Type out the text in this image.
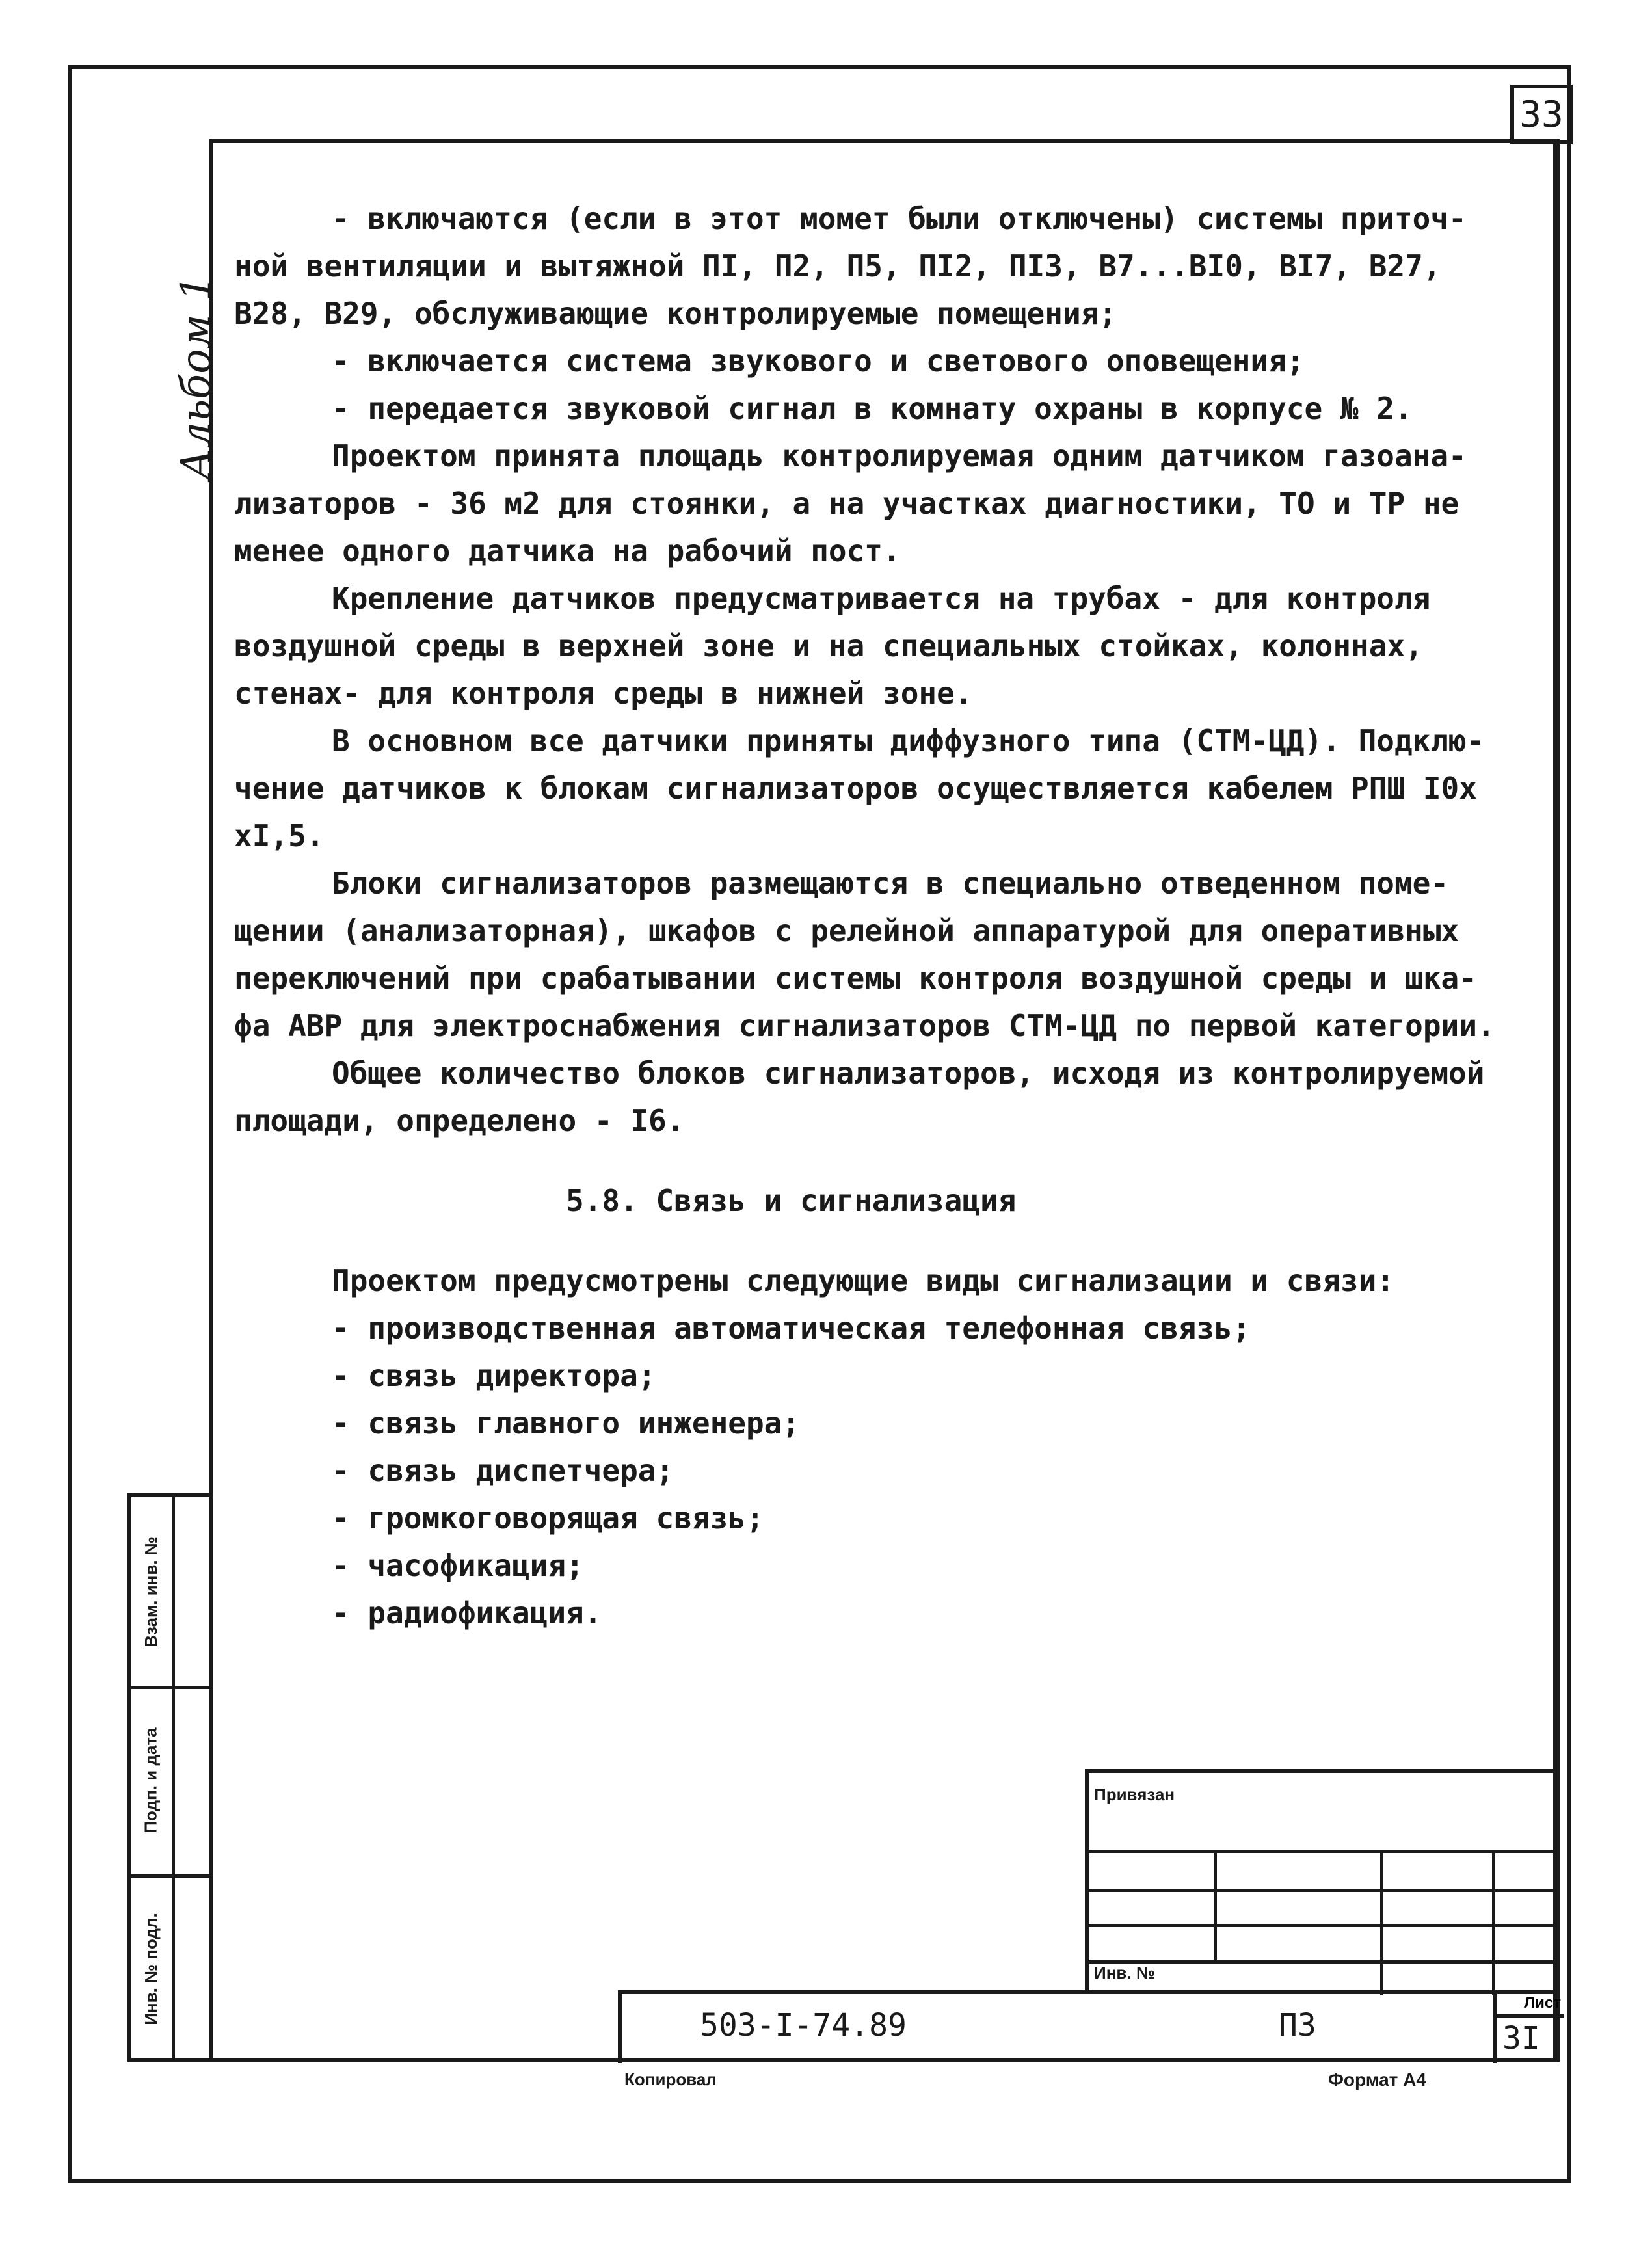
33
Альбом 1
- включаются (если в этот момет были отключены) системы приточ-
ной вентиляции и вытяжной ПI, П2, П5, ПI2, ПI3, В7...BI0, BI7, В27,
В28, В29, обслуживающие контролируемые помещения;
- включается система звукового и светового оповещения;
- передается звуковой сигнал в комнату охраны в корпусе № 2.
Проектом принята площадь контролируемая одним датчиком газоана-
лизаторов - 36 м2 для стоянки, а на участках диагностики, ТО и ТР не
менее одного датчика на рабочий пост.
Крепление датчиков предусматривается на трубах - для контроля
воздушной среды в верхней зоне и на специальных стойках, колоннах,
стенах- для контроля среды в нижней зоне.
В основном все датчики приняты диффузного типа (СТМ-ЦД). Подклю-
чение датчиков к блокам сигнализаторов осуществляется кабелем РПШ I0х
хI,5.
Блоки сигнализаторов размещаются в специально отведенном поме-
щении (анализаторная), шкафов с релейной аппаратурой для оперативных
переключений при срабатывании системы контроля воздушной среды и шка-
фа АВР для электроснабжения сигнализаторов СТМ-ЦД по первой категории.
Общее количество блоков сигнализаторов, исходя из контролируемой
площади, определено - I6.
5.8. Связь и сигнализация
Проектом предусмотрены следующие виды сигнализации и связи:
- производственная автоматическая телефонная связь;
- связь директора;
- связь главного инженера;
- связь диспетчера;
- громкоговорящая связь;
- часофикация;
- радиофикация.
Взам. инв. №
Подп. и дата
Инв. № подл.
Привязан
Инв. №
503-I-74.89	ПЗ
Лист
3I
Копировал	Формат А4
